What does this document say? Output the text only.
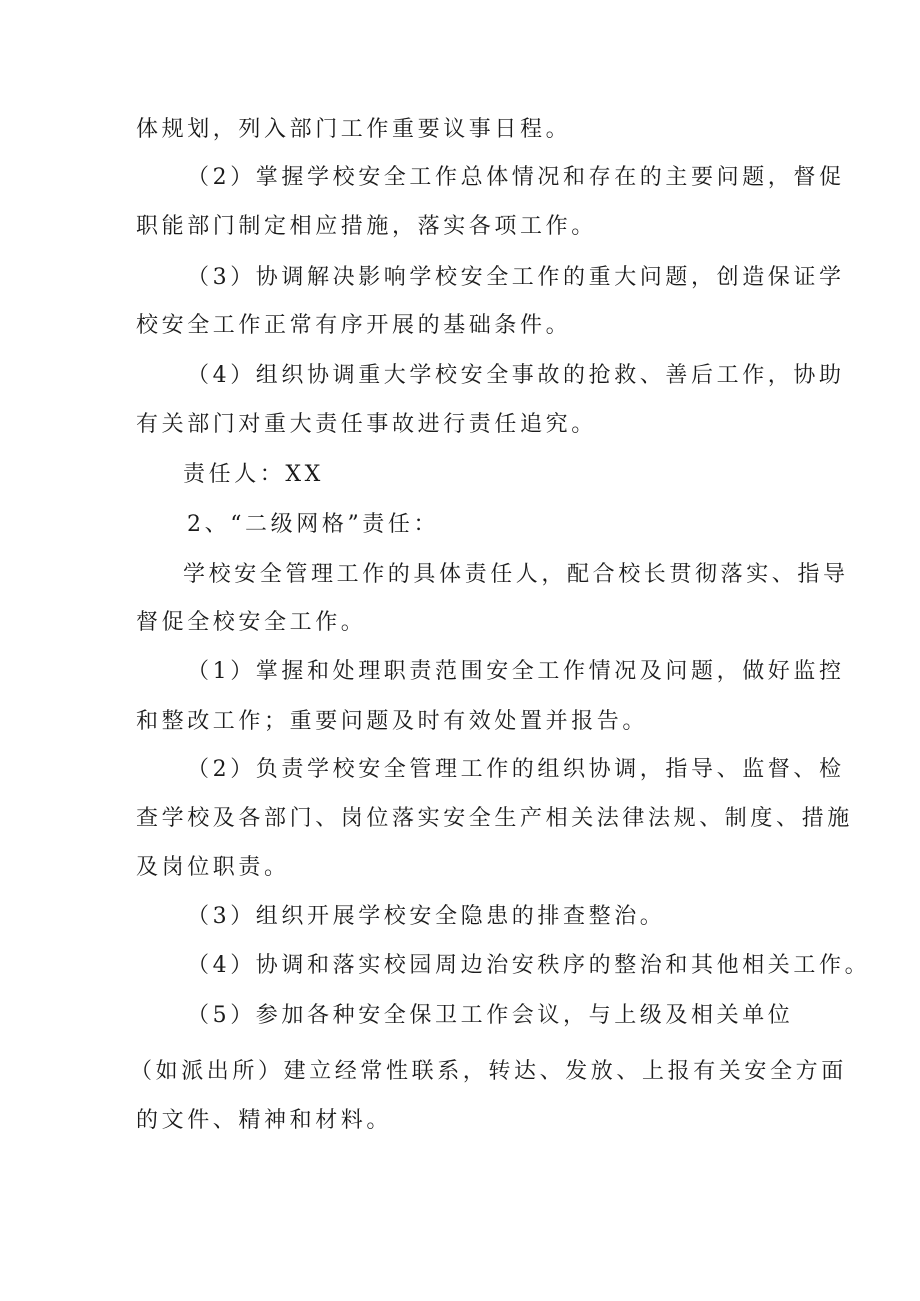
体规划，列入部门工作重要议事日程。

（2）掌握学校安全工作总体情况和存在的主要问题，督促

职能部门制定相应措施，落实各项工作。

（3）协调解决影响学校安全工作的重大问题，创造保证学

校安全工作正常有序开展的基础条件。

（4）组织协调重大学校安全事故的抢救、善后工作，协助

有关部门对重大责任事故进行责任追究。

责任人：XX

2、“二级网格”责任：

学校安全管理工作的具体责任人，配合校长贯彻落实、指导

督促全校安全工作。

（1）掌握和处理职责范围安全工作情况及问题，做好监控

和整改工作；重要问题及时有效处置并报告。

（2）负责学校安全管理工作的组织协调，指导、监督、检

查学校及各部门、岗位落实安全生产相关法律法规、制度、措施

及岗位职责。

（3）组织开展学校安全隐患的排查整治。

（4）协调和落实校园周边治安秩序的整治和其他相关工作。

（5）参加各种安全保卫工作会议，与上级及相关单位

（如派出所）建立经常性联系，转达、发放、上报有关安全方面

的文件、精神和材料。
